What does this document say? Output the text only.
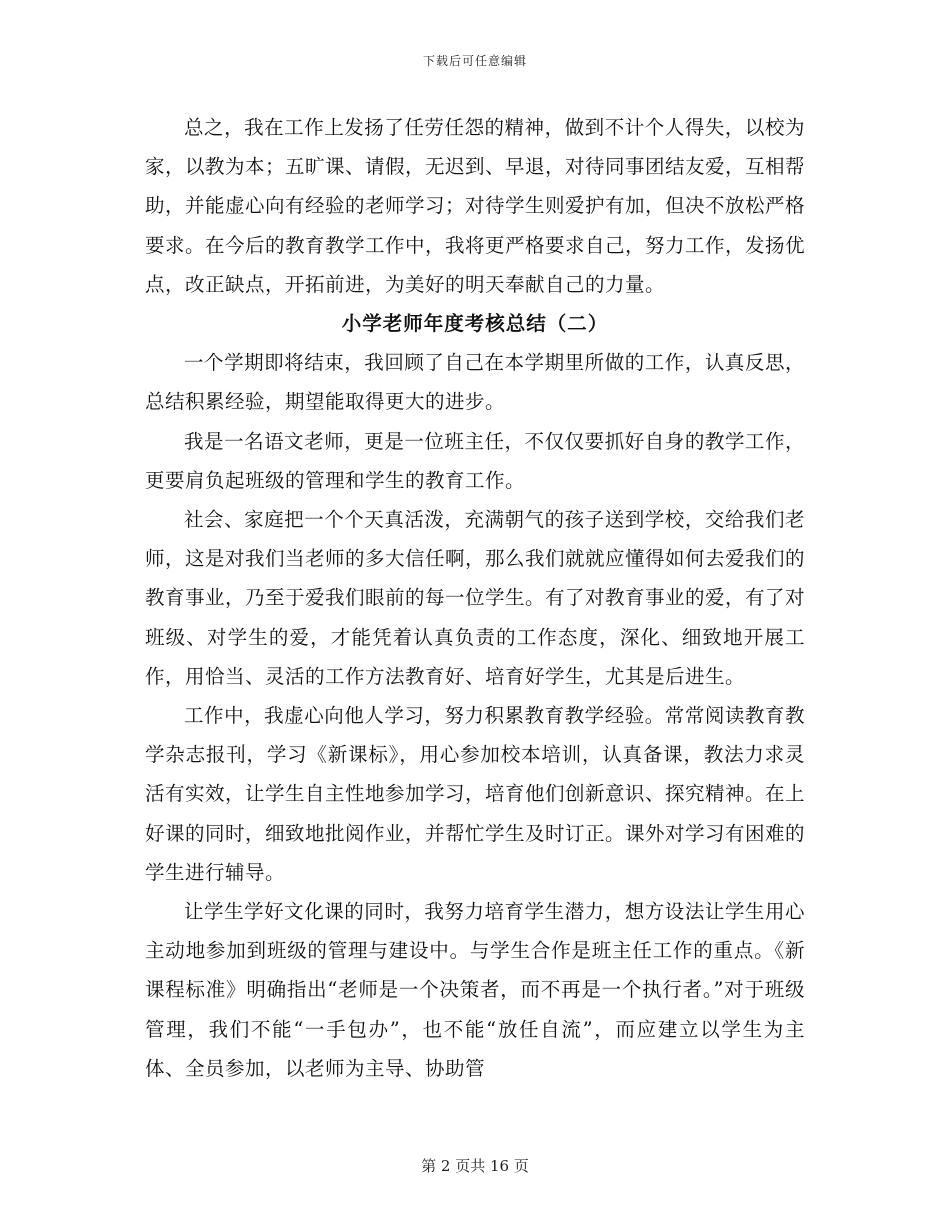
下载后可任意编辑

总之，我在工作上发扬了任劳任怨的精神，做到不计个人得失，以校为家，以教为本；五旷课、请假，无迟到、早退，对待同事团结友爱，互相帮助，并能虚心向有经验的老师学习；对待学生则爱护有加，但决不放松严格要求。在今后的教育教学工作中，我将更严格要求自己，努力工作，发扬优点，改正缺点，开拓前进，为美好的明天奉献自己的力量。

小学老师年度考核总结（二）

一个学期即将结束，我回顾了自己在本学期里所做的工作，认真反思，总结积累经验，期望能取得更大的进步。

我是一名语文老师，更是一位班主任，不仅仅要抓好自身的教学工作，更要肩负起班级的管理和学生的教育工作。

社会、家庭把一个个天真活泼，充满朝气的孩子送到学校，交给我们老师，这是对我们当老师的多大信任啊，那么我们就就应懂得如何去爱我们的教育事业，乃至于爱我们眼前的每一位学生。有了对教育事业的爱，有了对班级、对学生的爱，才能凭着认真负责的工作态度，深化、细致地开展工作，用恰当、灵活的工作方法教育好、培育好学生，尤其是后进生。

工作中，我虚心向他人学习，努力积累教育教学经验。常常阅读教育教学杂志报刊，学习《新课标》，用心参加校本培训，认真备课，教法力求灵活有实效，让学生自主性地参加学习，培育他们创新意识、探究精神。在上好课的同时，细致地批阅作业，并帮忙学生及时订正。课外对学习有困难的学生进行辅导。

让学生学好文化课的同时，我努力培育学生潜力，想方设法让学生用心主动地参加到班级的管理与建设中。与学生合作是班主任工作的重点。《新课程标准》明确指出“老师是一个决策者，而不再是一个执行者。”对于班级管理，我们不能“一手包办”，也不能“放任自流”，而应建立以学生为主体、全员参加，以老师为主导、协助管

第 2 页共 16 页
